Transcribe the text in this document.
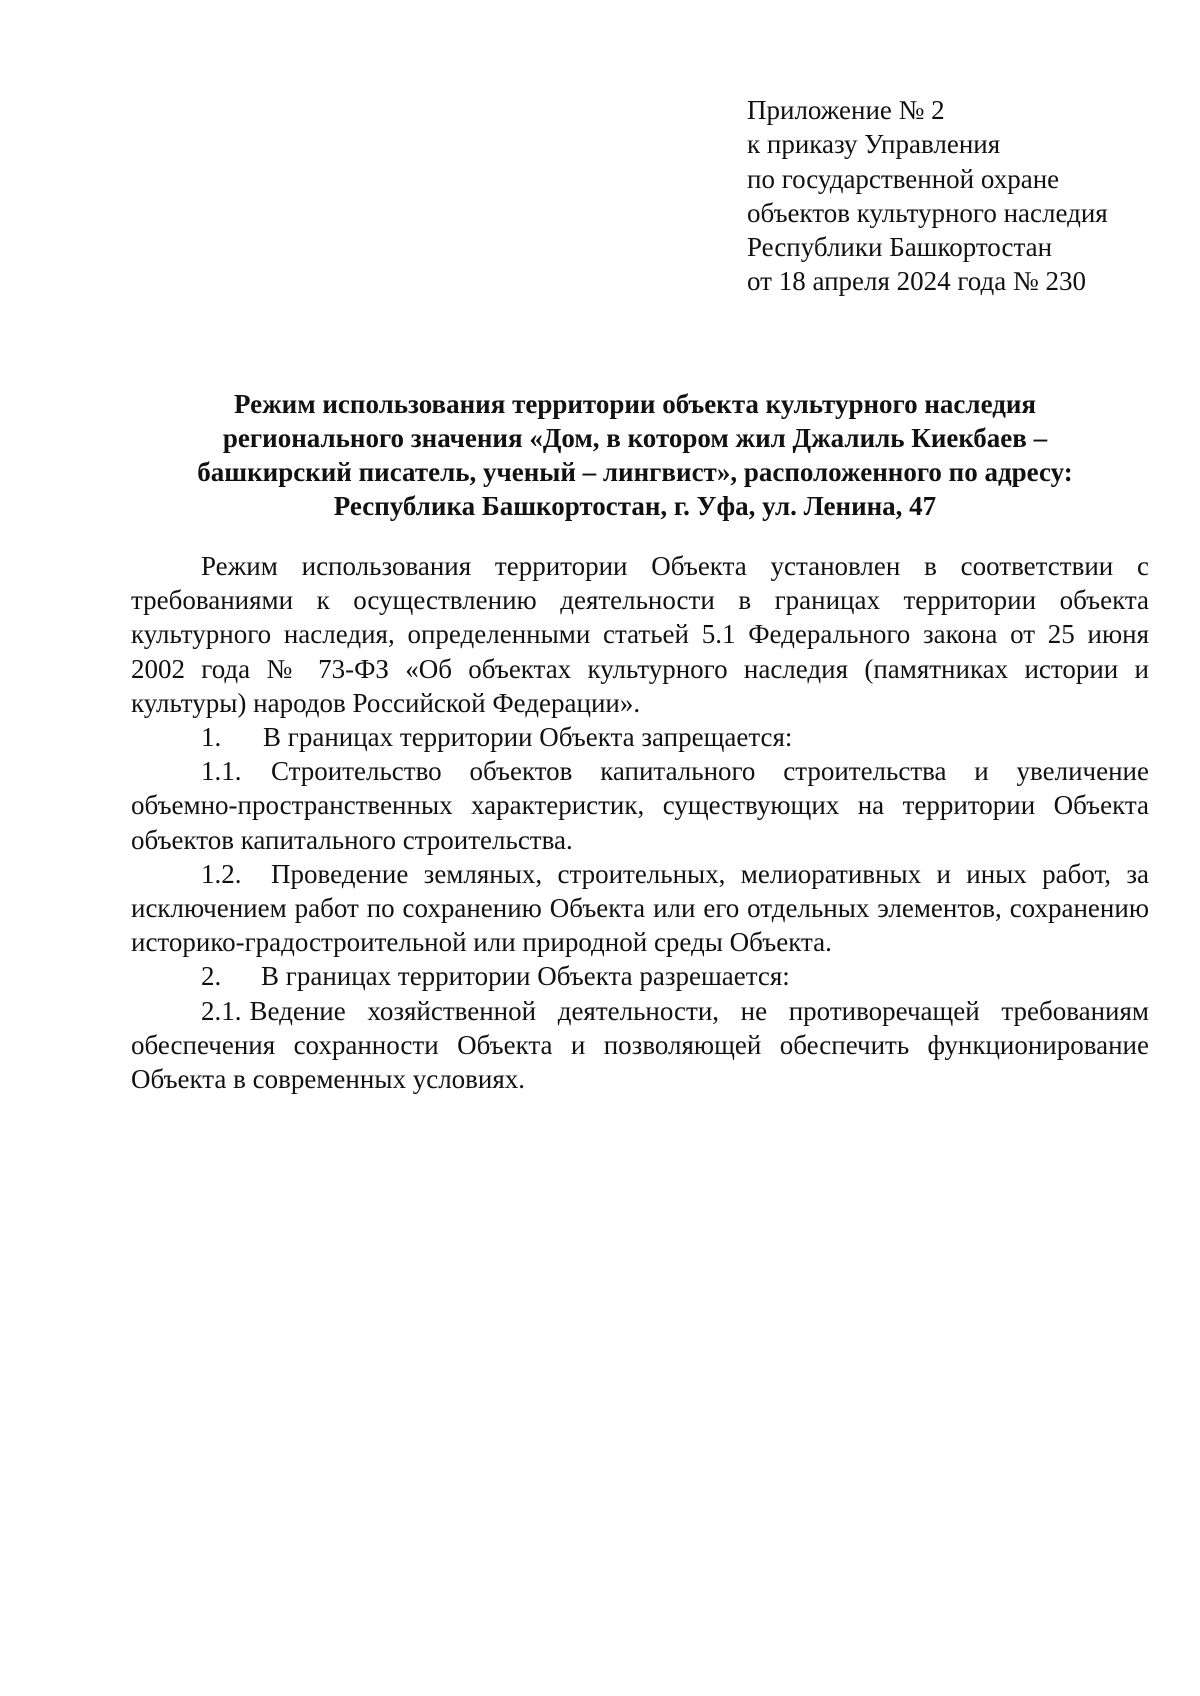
Приложение № 2
к приказу Управления
по государственной охране
объектов культурного наследия
Республики Башкортостан
от 18 апреля 2024 года № 230
Режим использования территории объекта культурного наследия
регионального значения «Дом, в котором жил Джалиль Киекбаев –
башкирский писатель, ученый – лингвист», расположенного по адресу:
Республика Башкортостан, г. Уфа, ул. Ленина, 47

Режим использования территории Объекта установлен в соответствии с требованиями к осуществлению деятельности в границах территории объекта культурного наследия, определенными статьей 5.1 Федерального закона от 25 июня 2002 года № 73-ФЗ «Об объектах культурного наследия (памятниках истории и культуры) народов Российской Федерации».

1. В границах территории Объекта запрещается:

1.1. Строительство объектов капитального строительства и увеличение объемно-пространственных характеристик, существующих на территории Объекта объектов капитального строительства.

1.2. Проведение земляных, строительных, мелиоративных и иных работ, за исключением работ по сохранению Объекта или его отдельных элементов, сохранению историко-градостроительной или природной среды Объекта.

2. В границах территории Объекта разрешается:

2.1. Ведение хозяйственной деятельности, не противоречащей требованиям обеспечения сохранности Объекта и позволяющей обеспечить функционирование Объекта в современных условиях.
